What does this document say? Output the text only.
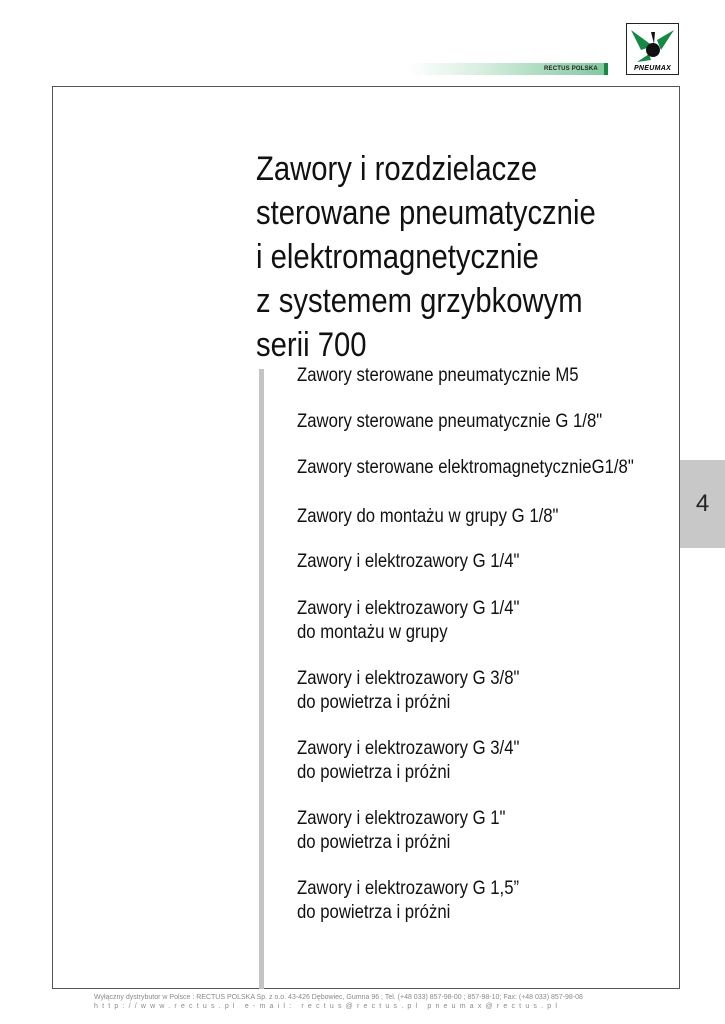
RECTUS POLSKA	PNEUMAX
Zawory i rozdzielacze
sterowane pneumatycznie
i elektromagnetycznie
z systemem grzybkowym
serii 700
Zawory sterowane pneumatycznie M5
Zawory sterowane pneumatycznie G 1/8"
Zawory sterowane elektromagnetycznieG1/8"
Zawory do montażu w grupy G 1/8"
Zawory i elektrozawory G 1/4"
Zawory i elektrozawory G 1/4"
do montażu w grupy
Zawory i elektrozawory G 3/8"
do powietrza i próżni
Zawory i elektrozawory G 3/4"
do powietrza i próżni
Zawory i elektrozawory G 1"
do powietrza i próżni
Zawory i elektrozawory G 1,5”
do powietrza i próżni
4
Wyłączny dystrybutor w Polsce : RECTUS POLSKA Sp. z o.o. 43-426 Dębowiec, Gumna 96 ; Tel. (+48 033) 857-98-00 ; 857-98-10; Fax: (+48 033) 857-98-08
http://www.rectus.pl e-mail: rectus@rectus.pl pneumax@rectus.pl
